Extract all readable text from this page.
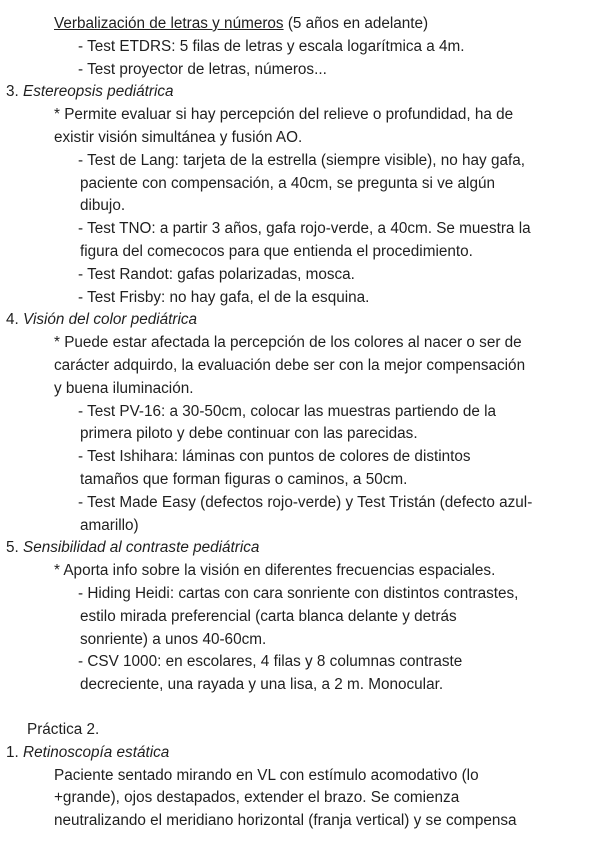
Verbalización de letras y números (5 años en adelante)
- Test ETDRS: 5 filas de letras y escala logarítmica a 4m.
- Test proyector de letras, números...
3. Estereopsis pediátrica
* Permite evaluar si hay percepción del relieve o profundidad, ha de
existir visión simultánea y fusión AO.
- Test de Lang: tarjeta de la estrella (siempre visible), no hay gafa,
paciente con compensación, a 40cm, se pregunta si ve algún
dibujo.
- Test TNO: a partir 3 años, gafa rojo-verde, a 40cm. Se muestra la
figura del comecocos para que entienda el procedimiento.
- Test Randot: gafas polarizadas, mosca.
- Test Frisby: no hay gafa, el de la esquina.
4. Visión del color pediátrica
* Puede estar afectada la percepción de los colores al nacer o ser de
carácter adquirdo, la evaluación debe ser con la mejor compensación
y buena iluminación.
- Test PV-16: a 30-50cm, colocar las muestras partiendo de la
primera piloto y debe continuar con las parecidas.
- Test Ishihara: láminas con puntos de colores de distintos
tamaños que forman figuras o caminos, a 50cm.
- Test Made Easy (defectos rojo-verde) y Test Tristán (defecto azul-
amarillo)
5. Sensibilidad al contraste pediátrica
* Aporta info sobre la visión en diferentes frecuencias espaciales.
- Hiding Heidi: cartas con cara sonriente con distintos contrastes,
estilo mirada preferencial (carta blanca delante y detrás
sonriente) a unos 40-60cm.
- CSV 1000: en escolares, 4 filas y 8 columnas contraste
decreciente, una rayada y una lisa, a 2 m. Monocular.
Práctica 2.
1. Retinoscopía estática
Paciente sentado mirando en VL con estímulo acomodativo (lo
+grande), ojos destapados, extender el brazo. Se comienza
neutralizando el meridiano horizontal (franja vertical) y se compensa
